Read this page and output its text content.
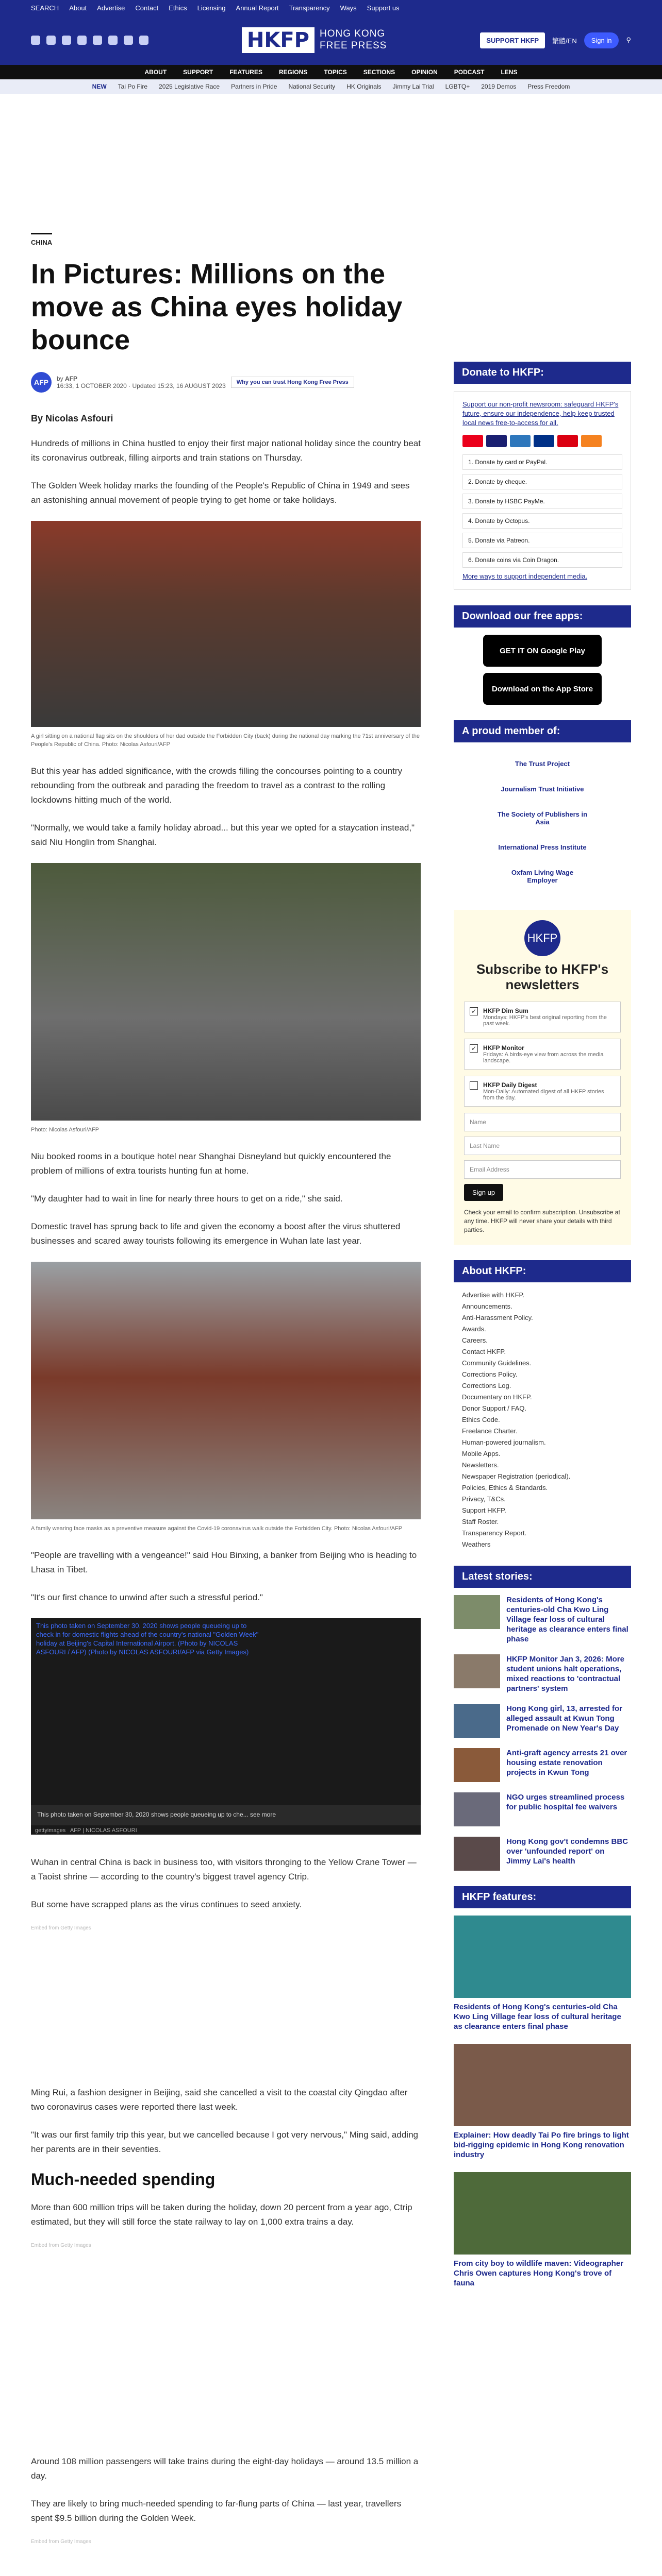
SEARCH About Advertise Contact Ethics Licensing Annual Report Transparency Ways Support us
HKFP	HONG KONG
FREE PRESS	SUPPORT HKFP	繁體/EN	Sign in	⚲
ABOUT	SUPPORT	FEATURES	REGIONS	TOPICS	SECTIONS	OPINION	PODCAST	LENS
NEW Tai Po Fire 2025 Legislative Race Partners in Pride National Security HK Originals Jimmy Lai Trial LGBTQ+ 2019 Demos Press Freedom
CHINA
In Pictures: Millions on the move as China eyes holiday bounce
AFP	by AFP
16:33, 1 OCTOBER 2020 · Updated 15:23, 16 AUGUST 2023	Why you can trust Hong Kong Free Press
By Nicolas Asfouri

Hundreds of millions in China hustled to enjoy their first major national holiday since the country beat its coronavirus outbreak, filling airports and train stations on Thursday.

The Golden Week holiday marks the founding of the People's Republic of China in 1949 and sees an astonishing annual movement of people trying to get home or take holidays.

A girl sitting on a national flag sits on the shoulders of her dad outside the Forbidden City (back) during the national day marking the 71st anniversary of the People's Republic of China. Photo: Nicolas Asfouri/AFP

But this year has added significance, with the crowds filling the concourses pointing to a country rebounding from the outbreak and parading the freedom to travel as a contrast to the rolling lockdowns hitting much of the world.

"Normally, we would take a family holiday abroad... but this year we opted for a staycation instead," said Niu Honglin from Shanghai.

Photo: Nicolas Asfouri/AFP

Niu booked rooms in a boutique hotel near Shanghai Disneyland but quickly encountered the problem of millions of extra tourists hunting fun at home.

"My daughter had to wait in line for nearly three hours to get on a ride," she said.

Domestic travel has sprung back to life and given the economy a boost after the virus shuttered businesses and scared away tourists following its emergence in Wuhan late last year.

A family wearing face masks as a preventive measure against the Covid-19 coronavirus walk outside the Forbidden City. Photo: Nicolas Asfouri/AFP

"People are travelling with a vengeance!" said Hou Binxing, a banker from Beijing who is heading to Lhasa in Tibet.

"It's our first chance to unwind after such a stressful period."

This photo taken on September 30, 2020 shows people queueing up to check in for domestic flights ahead of the country's national "Golden Week" holiday at Beijing's Capital International Airport. (Photo by NICOLAS ASFOURI / AFP) (Photo by NICOLAS ASFOURI/AFP via Getty Images)
This photo taken on September 30, 2020 shows people queueing up to che... see more
gettyimages AFP | NICOLAS ASFOURI

Wuhan in central China is back in business too, with visitors thronging to the Yellow Crane Tower — a Taoist shrine — according to the country's biggest travel agency Ctrip.

But some have scrapped plans as the virus continues to seed anxiety.

Embed from Getty Images

Ming Rui, a fashion designer in Beijing, said she cancelled a visit to the coastal city Qingdao after two coronavirus cases were reported there last week.

"It was our first family trip this year, but we cancelled because I got very nervous," Ming said, adding her parents are in their seventies.

Much-needed spending

More than 600 million trips will be taken during the holiday, down 20 percent from a year ago, Ctrip estimated, but they will still force the state railway to lay on 1,000 extra trains a day.

Embed from Getty Images

Around 108 million passengers will take trains during the eight-day holidays — around 13.5 million a day.

They are likely to bring much-needed spending to far-flung parts of China — last year, travellers spent $9.5 billion during the Golden Week.

Embed from Getty Images

Donate to HKFP:
Support our non-profit newsroom: safeguard HKFP's future, ensure our independence, help keep trusted local news free-to-access for all.
1. Donate by card or PayPal.
2. Donate by cheque.
3. Donate by HSBC PayMe.
4. Donate by Octopus.
5. Donate via Patreon.
6. Donate coins via Coin Dragon.
More ways to support independent media.
Download our free apps:
GET IT ON Google Play
Download on the App Store
A proud member of:
The Trust Project
Journalism Trust Initiative
The Society of Publishers in Asia
International Press Institute
Oxfam Living Wage Employer
HKFP
Subscribe to HKFP's newsletters
✓ HKFP Dim Sum
Mondays: HKFP's best original reporting from the past week.
✓ HKFP Monitor
Fridays: A birds-eye view from across the media landscape.
HKFP Daily Digest
Mon-Daily: Automated digest of all HKFP stories from the day.
Name
Last Name
Email Address
Sign up
Check your email to confirm subscription. Unsubscribe at any time. HKFP will never share your details with third parties.
About HKFP:
Advertise with HKFP.
Announcements.
Anti-Harassment Policy.
Awards.
Careers.
Contact HKFP.
Community Guidelines.
Corrections Policy.
Corrections Log.
Documentary on HKFP.
Donor Support / FAQ.
Ethics Code.
Freelance Charter.
Human-powered journalism.
Mobile Apps.
Newsletters.
Newspaper Registration (periodical).
Policies, Ethics & Standards.
Privacy, T&Cs.
Support HKFP.
Staff Roster.
Transparency Report.
Weathers
Latest stories:
Residents of Hong Kong's centuries-old Cha Kwo Ling Village fear loss of cultural heritage as clearance enters final phase
HKFP Monitor Jan 3, 2026: More student unions halt operations, mixed reactions to 'contractual partners' system
Hong Kong girl, 13, arrested for alleged assault at Kwun Tong Promenade on New Year's Day
Anti-graft agency arrests 21 over housing estate renovation projects in Kwun Tong
NGO urges streamlined process for public hospital fee waivers
Hong Kong gov't condemns BBC over 'unfounded report' on Jimmy Lai's health
HKFP features:
Residents of Hong Kong's centuries-old Cha Kwo Ling Village fear loss of cultural heritage as clearance enters final phase
Explainer: How deadly Tai Po fire brings to light bid-rigging epidemic in Hong Kong renovation industry
From city boy to wildlife maven: Videographer Chris Owen captures Hong Kong's trove of fauna
